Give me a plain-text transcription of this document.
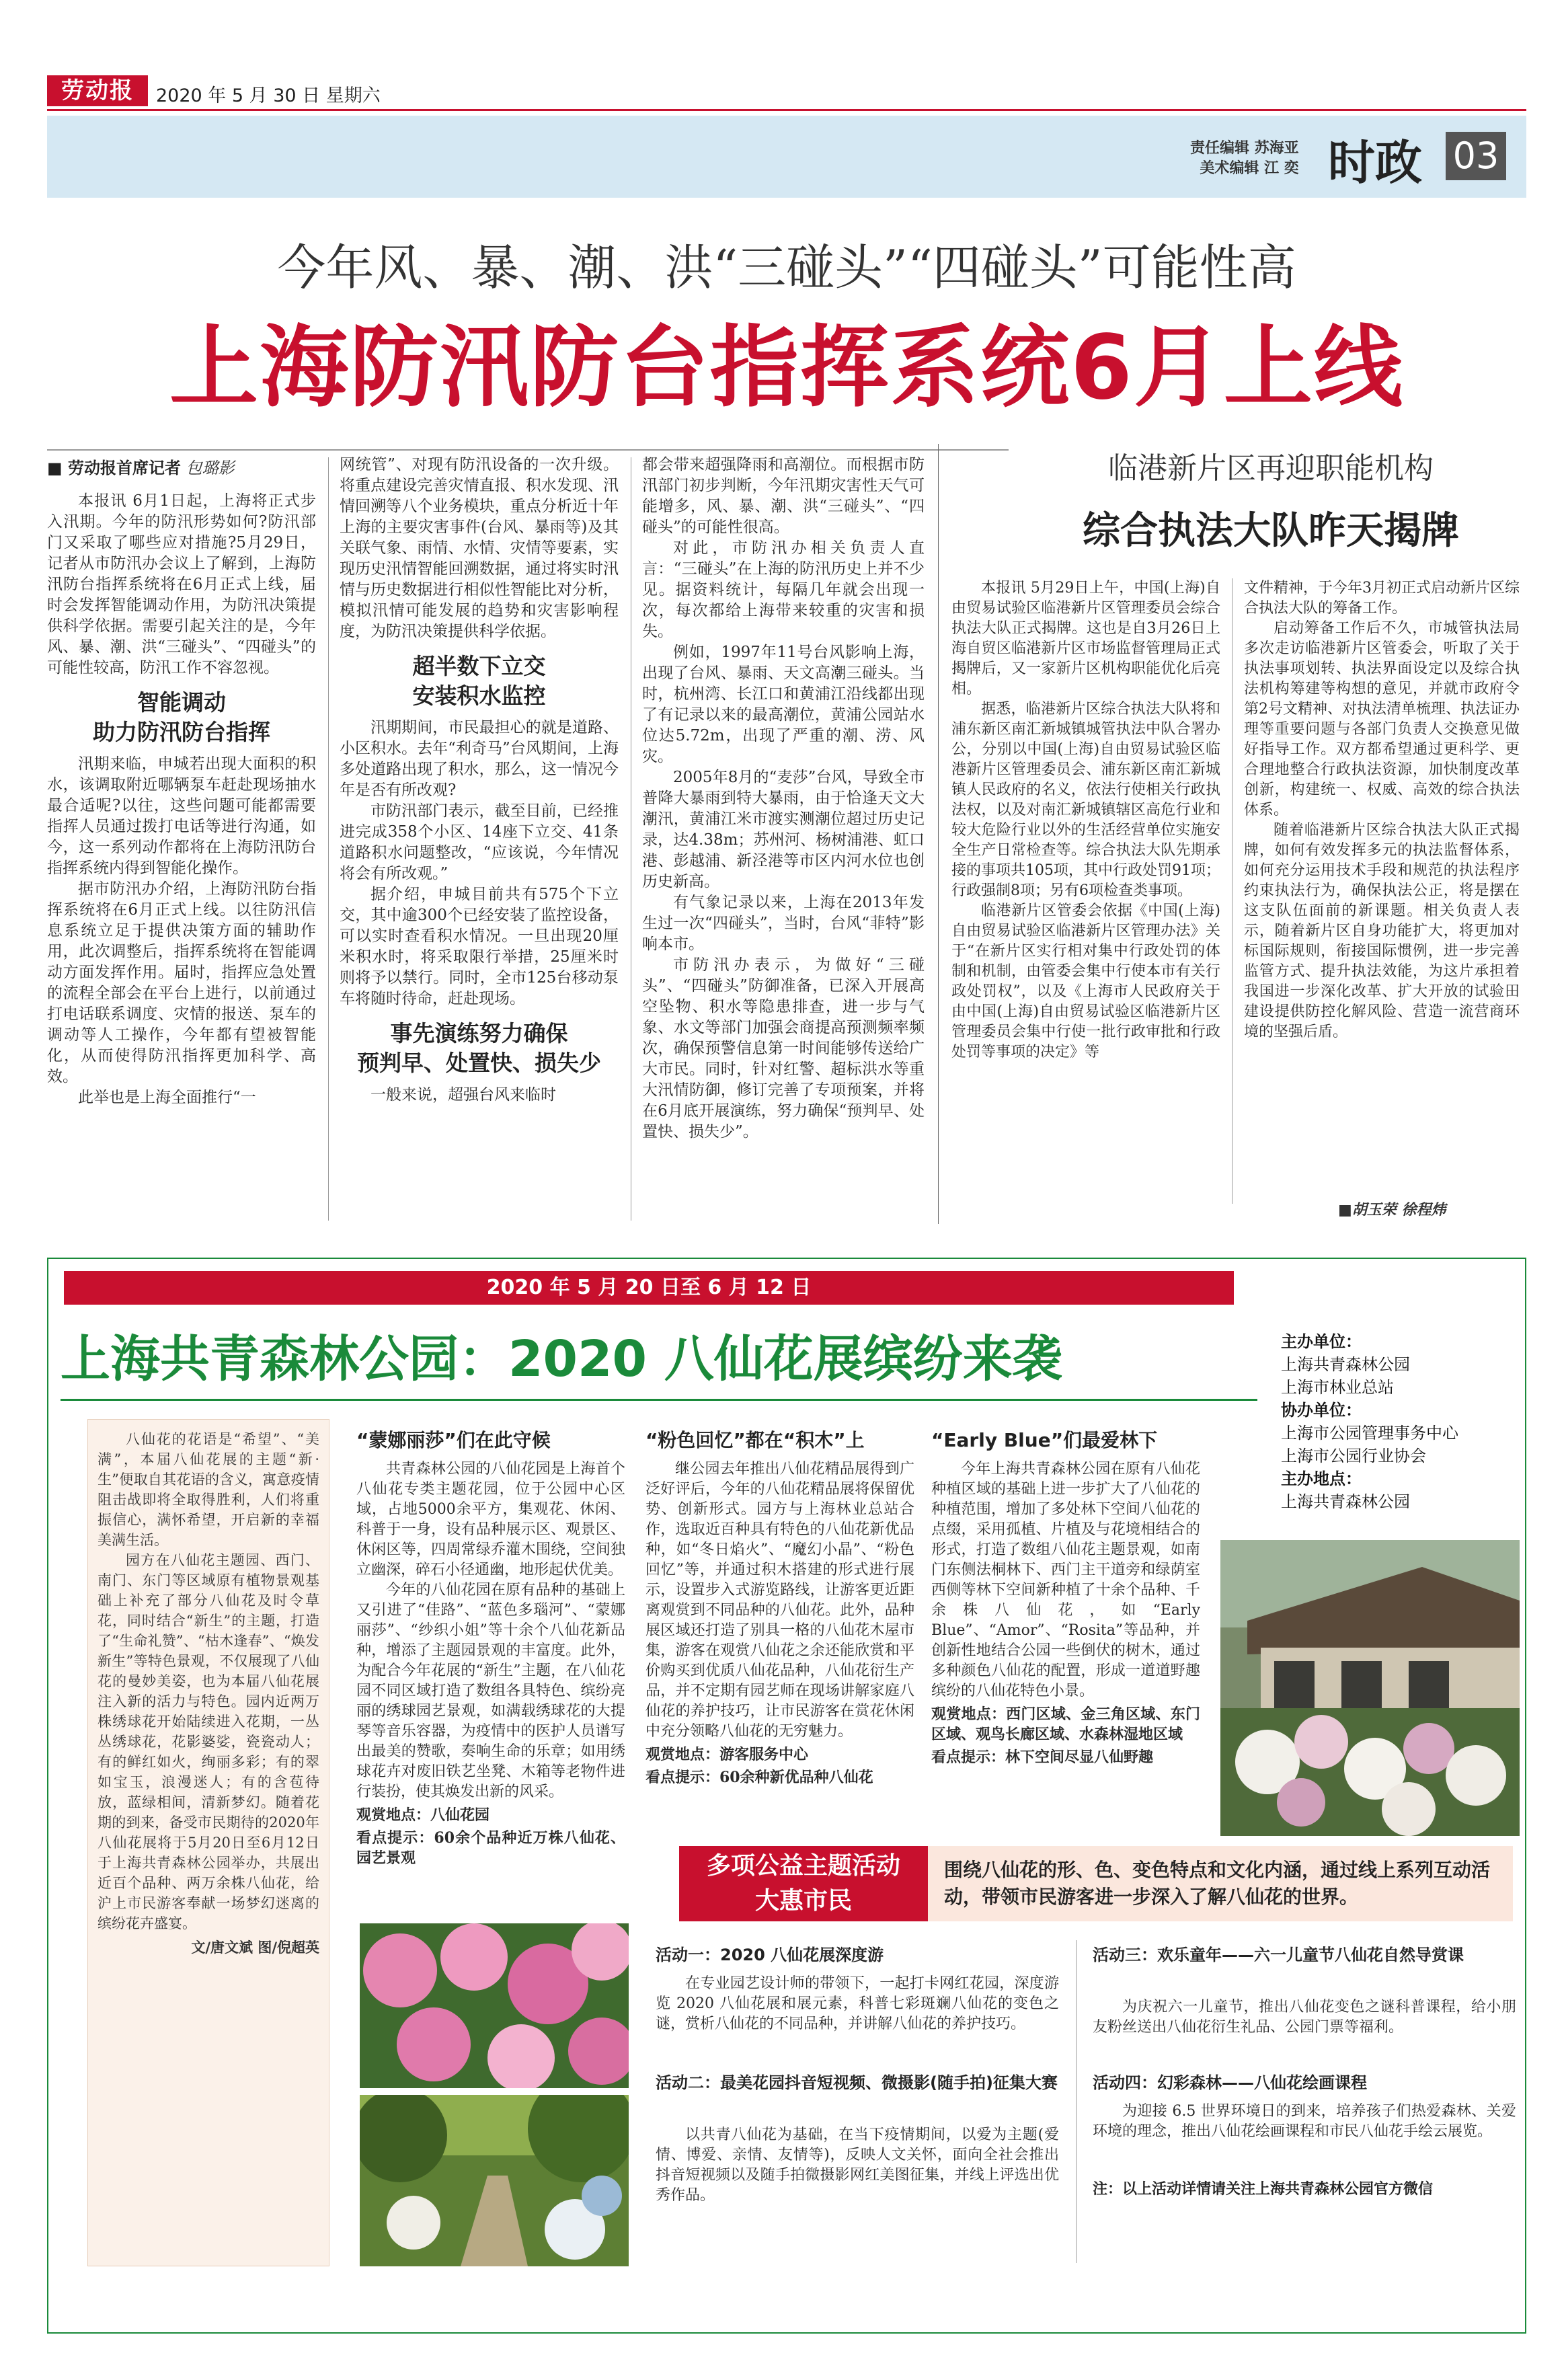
劳动报	2020 年 5 月 30 日 星期六
责任编辑 苏海亚
美术编辑 江 奕 时政 03
今年风、暴、潮、洪“三碰头”“四碰头”可能性高
上海防汛防台指挥系统6月上线
■ 劳动报首席记者 包璐影

本报讯 6月1日起，上海将正式步入汛期。今年的防汛形势如何?防汛部门又采取了哪些应对措施?5月29日，记者从市防汛办会议上了解到，上海防汛防台指挥系统将在6月正式上线，届时会发挥智能调动作用，为防汛决策提供科学依据。需要引起关注的是，今年风、暴、潮、洪“三碰头”、“四碰头”的可能性较高，防汛工作不容忽视。

智能调动
助力防汛防台指挥

汛期来临，申城若出现大面积的积水，该调取附近哪辆泵车赶赴现场抽水最合适呢?以往，这些问题可能都需要指挥人员通过拨打电话等进行沟通，如今，这一系列动作都将在上海防汛防台指挥系统内得到智能化操作。

据市防汛办介绍，上海防汛防台指挥系统将在6月正式上线。以往防汛信息系统立足于提供决策方面的辅助作用，此次调整后，指挥系统将在智能调动方面发挥作用。届时，指挥应急处置的流程全部会在平台上进行，以前通过打电话联系调度、灾情的报送、泵车的调动等人工操作，今年都有望被智能化，从而使得防汛指挥更加科学、高效。

此举也是上海全面推行“一

网统管”、对现有防汛设备的一次升级。将重点建设完善灾情直报、积水发现、汛情回溯等八个业务模块，重点分析近十年上海的主要灾害事件(台风、暴雨等)及其关联气象、雨情、水情、灾情等要素，实现历史汛情智能回溯数据，通过将实时汛情与历史数据进行相似性智能比对分析，模拟汛情可能发展的趋势和灾害影响程度，为防汛决策提供科学依据。

超半数下立交
安装积水监控

汛期期间，市民最担心的就是道路、小区积水。去年“利奇马”台风期间，上海多处道路出现了积水，那么，这一情况今年是否有所改观?

市防汛部门表示，截至目前，已经推进完成358个小区、14座下立交、41条道路积水问题整改，“应该说，今年情况将会有所改观。”

据介绍，申城目前共有575个下立交，其中逾300个已经安装了监控设备，可以实时查看积水情况。一旦出现20厘米积水时，将采取限行举措，25厘米时则将予以禁行。同时，全市125台移动泵车将随时待命，赶赴现场。

事先演练努力确保
预判早、处置快、损失少

一般来说，超强台风来临时

都会带来超强降雨和高潮位。而根据市防汛部门初步判断，今年汛期灾害性天气可能增多，风、暴、潮、洪“三碰头”、“四碰头”的可能性很高。

对此，市防汛办相关负责人直言：“三碰头”在上海的防汛历史上并不少见。据资料统计，每隔几年就会出现一次，每次都给上海带来较重的灾害和损失。

例如，1997年11号台风影响上海，出现了台风、暴雨、天文高潮三碰头。当时，杭州湾、长江口和黄浦江沿线都出现了有记录以来的最高潮位，黄浦公园站水位达5.72m，出现了严重的潮、涝、风灾。

2005年8月的“麦莎”台风，导致全市普降大暴雨到特大暴雨，由于恰逢天文大潮汛，黄浦江米市渡实测潮位超过历史记录，达4.38m；苏州河、杨树浦港、虹口港、彭越浦、新泾港等市区内河水位也创历史新高。

有气象记录以来，上海在2013年发生过一次“四碰头”，当时，台风“菲特”影响本市。

市防汛办表示，为做好“三碰头”、“四碰头”防御准备，已深入开展高空坠物、积水等隐患排查，进一步与气象、水文等部门加强会商提高预测频率频次，确保预警信息第一时间能够传送给广大市民。同时，针对红警、超标洪水等重大汛情防御，修订完善了专项预案，并将在6月底开展演练，努力确保“预判早、处置快、损失少”。

临港新片区再迎职能机构
综合执法大队昨天揭牌

本报讯 5月29日上午，中国(上海)自由贸易试验区临港新片区管理委员会综合执法大队正式揭牌。这也是自3月26日上海自贸区临港新片区市场监督管理局正式揭牌后，又一家新片区机构职能优化后亮相。

据悉，临港新片区综合执法大队将和浦东新区南汇新城镇城管执法中队合署办公，分别以中国(上海)自由贸易试验区临港新片区管理委员会、浦东新区南汇新城镇人民政府的名义，依法行使相关行政执法权，以及对南汇新城镇辖区高危行业和较大危险行业以外的生活经营单位实施安全生产日常检查等。综合执法大队先期承接的事项共105项，其中行政处罚91项；行政强制8项；另有6项检查类事项。

临港新片区管委会依据《中国(上海)自由贸易试验区临港新片区管理办法》关于“在新片区实行相对集中行政处罚的体制和机制，由管委会集中行使本市有关行政处罚权”，以及《上海市人民政府关于由中国(上海)自由贸易试验区临港新片区管理委员会集中行使一批行政审批和行政处罚等事项的决定》等

文件精神，于今年3月初正式启动新片区综合执法大队的筹备工作。

启动筹备工作后不久，市城管执法局多次走访临港新片区管委会，听取了关于执法事项划转、执法界面设定以及综合执法机构筹建等构想的意见，并就市政府令第2号文精神、对执法清单梳理、执法证办理等重要问题与各部门负责人交换意见做好指导工作。双方都希望通过更科学、更合理地整合行政执法资源，加快制度改革创新，构建统一、权威、高效的综合执法体系。

随着临港新片区综合执法大队正式揭牌，如何有效发挥多元的执法监督体系，如何充分运用技术手段和规范的执法程序约束执法行为，确保执法公正，将是摆在这支队伍面前的新课题。相关负责人表示，随着新片区自身功能扩大，将更加对标国际规则，衔接国际惯例，进一步完善监管方式、提升执法效能，为这片承担着我国进一步深化改革、扩大开放的试验田建设提供防控化解风险、营造一流营商环境的坚强后盾。

■胡玉荣 徐程炜
2020 年 5 月 20 日至 6 月 12 日
上海共青森林公园：2020 八仙花展缤纷来袭	主办单位：
上海共青森林公园
上海市林业总站
协办单位：
上海市公园管理事务中心
上海市公园行业协会
主办地点：
上海共青森林公园

八仙花的花语是“希望”、“美满”，本届八仙花展的主题“新·生”便取自其花语的含义，寓意疫情阻击战即将全取得胜利，人们将重振信心，满怀希望，开启新的幸福美满生活。

园方在八仙花主题园、西门、南门、东门等区域原有植物景观基础上补充了部分八仙花及时令草花，同时结合“新生”的主题，打造了“生命礼赞”、“枯木逢春”、“焕发新生”等特色景观，不仅展现了八仙花的曼妙美姿，也为本届八仙花展注入新的活力与特色。园内近两万株绣球花开始陆续进入花期，一丛丛绣球花，花影婆娑，瓷瓷动人；有的鲜红如火，绚丽多彩；有的翠如宝玉，浪漫迷人；有的含苞待放，蓝绿相间，清新梦幻。随着花期的到来，备受市民期待的2020年八仙花展将于5月20日至6月12日于上海共青森林公园举办，共展出近百个品种、两万余株八仙花，给沪上市民游客奉献一场梦幻迷离的缤纷花卉盛宴。

文/唐文斌 图/倪超英
“蒙娜丽莎”们在此守候

共青森林公园的八仙花园是上海首个八仙花专类主题花园，位于公园中心区域，占地5000余平方，集观花、休闲、科普于一身，设有品种展示区、观景区、休闲区等，四周常绿乔灌木围绕，空间独立幽深，碎石小径通幽，地形起伏优美。

今年的八仙花园在原有品种的基础上又引进了“佳路”、“蓝色多瑙河”、“蒙娜丽莎”、“纱织小姐”等十余个八仙花新品种，增添了主题园景观的丰富度。此外，为配合今年花展的“新生”主题，在八仙花园不同区域打造了数组各具特色、缤纷亮丽的绣球园艺景观，如满载绣球花的大提琴等音乐容器，为疫情中的医护人员谱写出最美的赞歌，奏响生命的乐章；如用绣球花卉对废旧铁艺坐凳、木箱等老物件进行装扮，使其焕发出新的风采。

观赏地点：八仙花园
看点提示：60余个品种近万株八仙花、园艺景观
“粉色回忆”都在“积木”上

继公园去年推出八仙花精品展得到广泛好评后，今年的八仙花精品展将保留优势、创新形式。园方与上海林业总站合作，选取近百种具有特色的八仙花新优品种，如“冬日焰火”、“魔幻小晶”、“粉色回忆”等，并通过积木搭建的形式进行展示，设置步入式游览路线，让游客更近距离观赏到不同品种的八仙花。此外，品种展区域还打造了别具一格的八仙花木屋市集，游客在观赏八仙花之余还能欣赏和平价购买到优质八仙花品种，八仙花衍生产品，并不定期有园艺师在现场讲解家庭八仙花的养护技巧，让市民游客在赏花休闲中充分领略八仙花的无穷魅力。

观赏地点：游客服务中心
看点提示：60余种新优品种八仙花
“Early Blue”们最爱林下

今年上海共青森林公园在原有八仙花种植区域的基础上进一步扩大了八仙花的种植范围，增加了多处林下空间八仙花的点缀，采用孤植、片植及与花境相结合的形式，打造了数组八仙花主题景观，如南门东侧法桐林下、西门主干道旁和绿荫室西侧等林下空间新种植了十余个品种、千余株八仙花，如“Early Blue”、“Amor”、“Rosita”等品种，并创新性地结合公园一些倒伏的树木，通过多种颜色八仙花的配置，形成一道道野趣缤纷的八仙花特色小景。

观赏地点：西门区域、金三角区域、东门区域、观鸟长廊区域、水森林湿地区域
看点提示：林下空间尽显八仙野趣
多项公益主题活动
大惠市民
围绕八仙花的形、色、变色特点和文化内涵，通过线上系列互动活动，带领市民游客进一步深入了解八仙花的世界。
活动一：2020 八仙花展深度游

在专业园艺设计师的带领下，一起打卡网红花园，深度游览 2020 八仙花展和展元素，科普七彩斑斓八仙花的变色之谜，赏析八仙花的不同品种，并讲解八仙花的养护技巧。

活动二：最美花园抖音短视频、微摄影(随手拍)征集大赛

以共青八仙花为基础，在当下疫情期间，以爱为主题(爱情、博爱、亲情、友情等)，反映人文关怀，面向全社会推出抖音短视频以及随手拍微摄影网红美图征集，并线上评选出优秀作品。

活动三：欢乐童年——六一儿童节八仙花自然导赏课

为庆祝六一儿童节，推出八仙花变色之谜科普课程，给小朋友粉丝送出八仙花衍生礼品、公园门票等福利。

活动四：幻彩森林——八仙花绘画课程

为迎接 6.5 世界环境日的到来，培养孩子们热爱森林、关爱环境的理念，推出八仙花绘画课程和市民八仙花手绘云展览。

注：以上活动详情请关注上海共青森林公园官方微信
